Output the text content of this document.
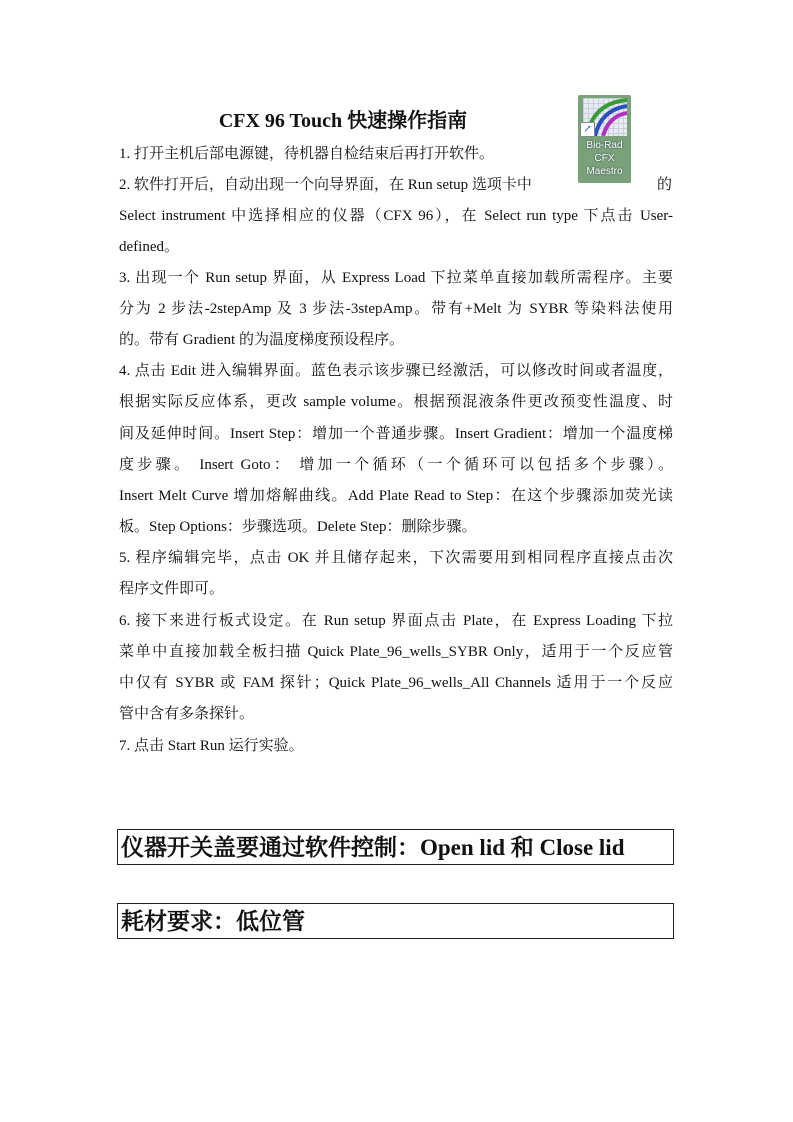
CFX 96 Touch 快速操作指南	↗
Bio-Rad
CFX
Maestro
1. 打开主机后部电源键，待机器自检结束后再打开软件。
2. 软件打开后，自动出现一个向导界面，在 Run setup 选项卡中	的
Select instrument 中选择相应的仪器（CFX 96），在 Select run type 下点击 User-
defined。
3. 出现一个 Run setup 界面，从 Express Load 下拉菜单直接加载所需程序。主要
分为 2 步法-2stepAmp 及 3 步法-3stepAmp。带有+Melt 为 SYBR 等染料法使用
的。带有 Gradient 的为温度梯度预设程序。
4. 点击 Edit 进入编辑界面。蓝色表示该步骤已经激活，可以修改时间或者温度，
根据实际反应体系，更改 sample volume。根据预混液条件更改预变性温度、时
间及延伸时间。Insert Step：增加一个普通步骤。Insert Gradient：增加一个温度梯
度步骤。 Insert Goto： 增加一个循环（一个循环可以包括多个步骤）。
Insert Melt Curve 增加熔解曲线。Add Plate Read to Step：在这个步骤添加荧光读
板。Step Options：步骤选项。Delete Step：删除步骤。
5. 程序编辑完毕，点击 OK 并且储存起来，下次需要用到相同程序直接点击次
程序文件即可。
6. 接下来进行板式设定。在 Run setup 界面点击 Plate，在 Express Loading 下拉
菜单中直接加载全板扫描 Quick Plate_96_wells_SYBR Only，适用于一个反应管
中仅有 SYBR 或 FAM 探针；Quick Plate_96_wells_All Channels 适用于一个反应
管中含有多条探针。
7. 点击 Start Run 运行实验。
仪器开关盖要通过软件控制：Open lid 和 Close lid
耗材要求：低位管
